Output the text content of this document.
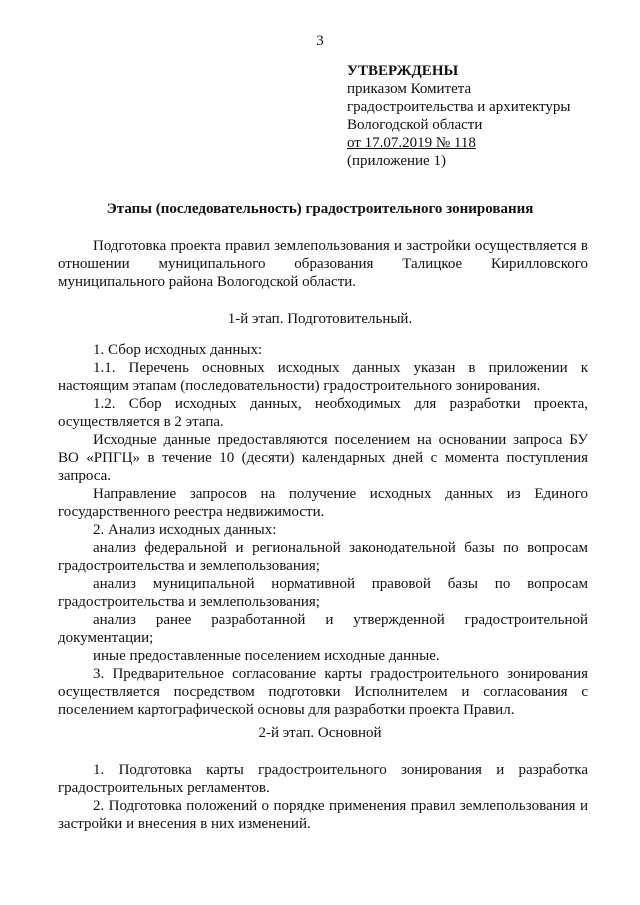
3
УТВЕРЖДЕНЫ
приказом Комитета
градостроительства и архитектуры
Вологодской области
от 17.07.2019 № 118
(приложение 1)
Этапы (последовательность) градостроительного зонирования

Подготовка проекта правил землепользования и застройки осуществляется в отношении муниципального образования Талицкое Кирилловского муниципального района Вологодской области.

1-й этап. Подготовительный.

1. Сбор исходных данных:

1.1. Перечень основных исходных данных указан в приложении к настоящим этапам (последовательности) градостроительного зонирования.

1.2. Сбор исходных данных, необходимых для разработки проекта, осуществляется в 2 этапа.

Исходные данные предоставляются поселением на основании запроса БУ ВО «РПГЦ» в течение 10 (десяти) календарных дней с момента поступления запроса.

Направление запросов на получение исходных данных из Единого государственного реестра недвижимости.

2. Анализ исходных данных:

анализ федеральной и региональной законодательной базы по вопросам градостроительства и землепользования;

анализ муниципальной нормативной правовой базы по вопросам градостроительства и землепользования;

анализ ранее разработанной и утвержденной градостроительной документации;

иные предоставленные поселением исходные данные.

3. Предварительное согласование карты градостроительного зонирования осуществляется посредством подготовки Исполнителем и согласования с поселением картографической основы для разработки проекта Правил.

2-й этап. Основной

1. Подготовка карты градостроительного зонирования и разработка градостроительных регламентов.

2. Подготовка положений о порядке применения правил землепользования и застройки и внесения в них изменений.
